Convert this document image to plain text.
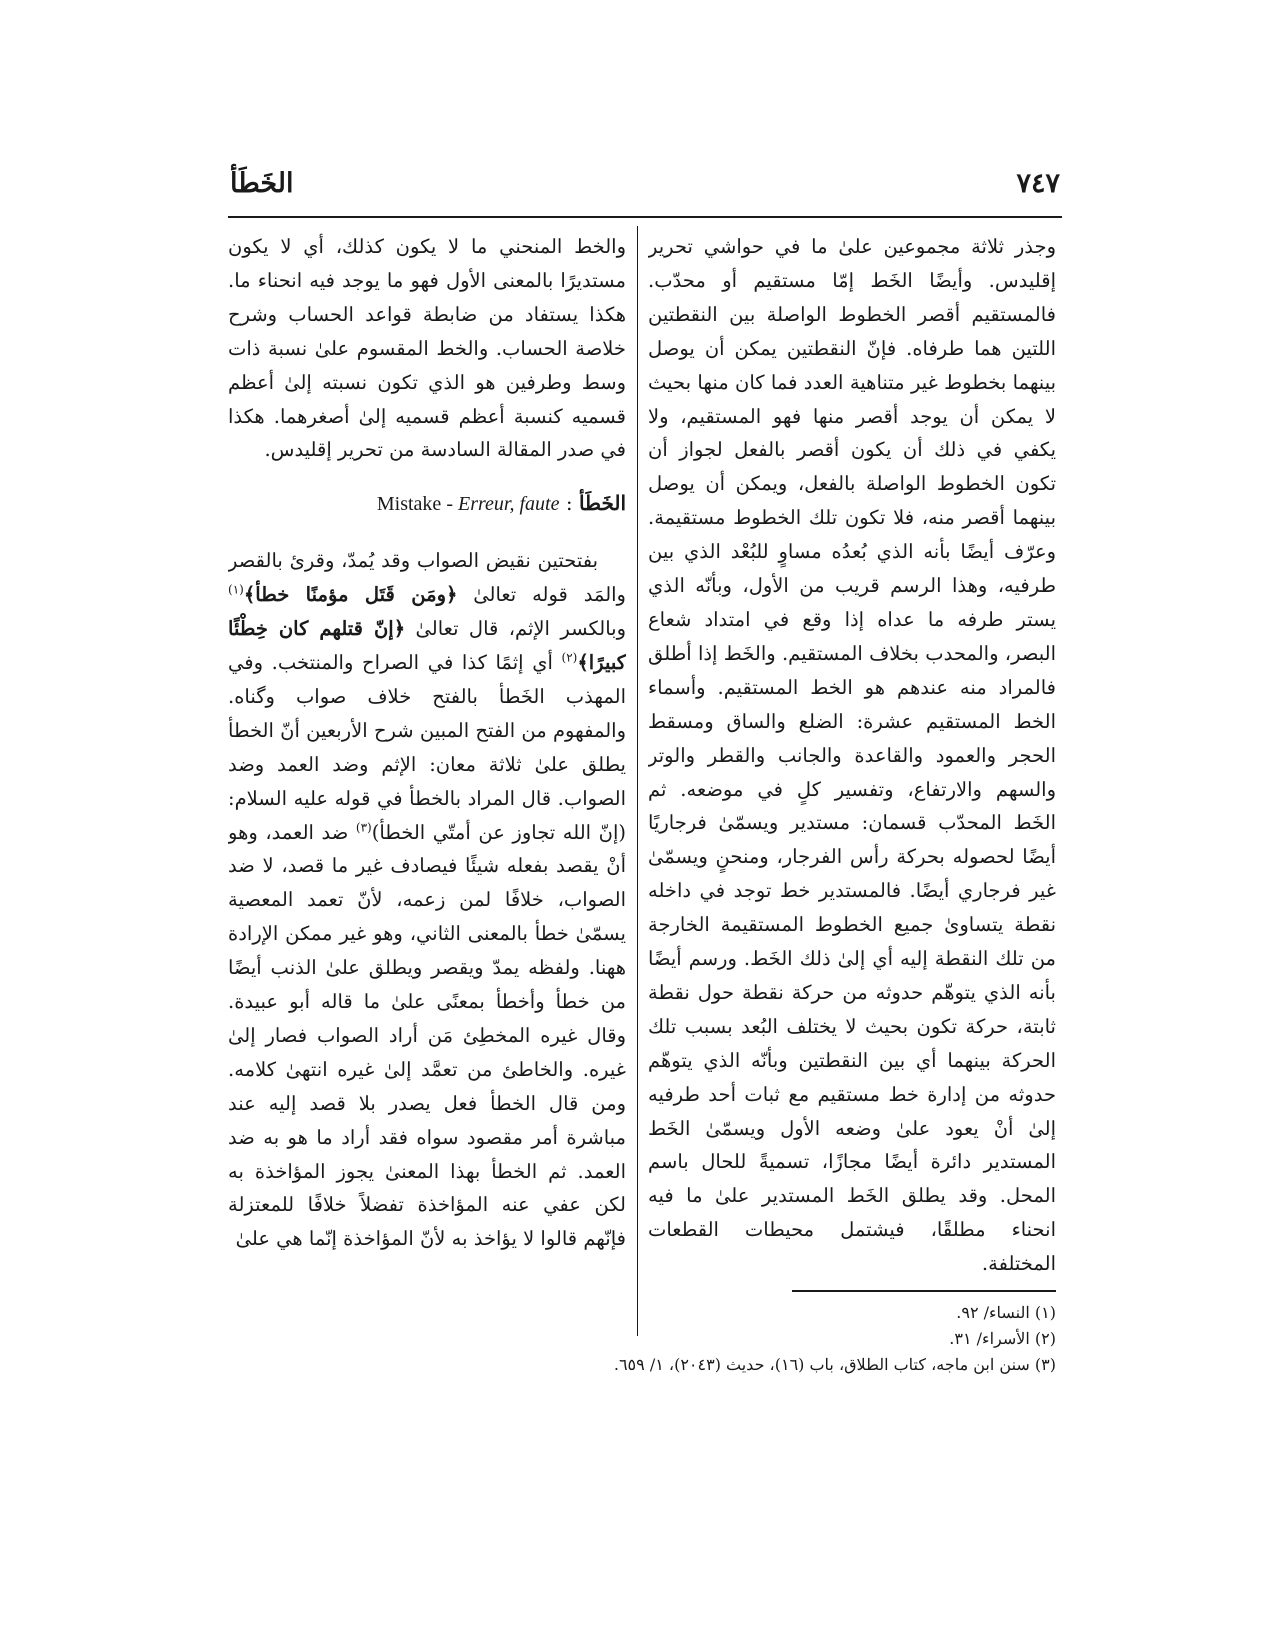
٧٤٧
الخَطَأ

وجذر ثلاثة مجموعين علىٰ ما في حواشي تحرير إقليدس. وأيضًا الخَط إمّا مستقيم أو محدّب. فالمستقيم أقصر الخطوط الواصلة بين النقطتين اللتين هما طرفاه. فإنّ النقطتين يمكن أن يوصل بينهما بخطوط غير متناهية العدد فما كان منها بحيث لا يمكن أن يوجد أقصر منها فهو المستقيم، ولا يكفي في ذلك أن يكون أقصر بالفعل لجواز أن تكون الخطوط الواصلة بالفعل، ويمكن أن يوصل بينهما أقصر منه، فلا تكون تلك الخطوط مستقيمة. وعرّف أيضًا بأنه الذي بُعدُه مساوٍ للبُعْد الذي بين طرفيه، وهذا الرسم قريب من الأول، وبأنّه الذي يستر طرفه ما عداه إذا وقع في امتداد شعاع البصر، والمحدب بخلاف المستقيم. والخَط إذا أطلق فالمراد منه عندهم هو الخط المستقيم. وأسماء الخط المستقيم عشرة: الضلع والساق ومسقط الحجر والعمود والقاعدة والجانب والقطر والوتر والسهم والارتفاع، وتفسير كلٍ في موضعه. ثم الخَط المحدّب قسمان: مستدير ويسمّىٰ فرجاريًا أيضًا لحصوله بحركة رأس الفرجار، ومنحنٍ ويسمّىٰ غير فرجاري أيضًا. فالمستدير خط توجد في داخله نقطة يتساوىٰ جميع الخطوط المستقيمة الخارجة من تلك النقطة إليه أي إلىٰ ذلك الخَط. ورسم أيضًا بأنه الذي يتوهّم حدوثه من حركة نقطة حول نقطة ثابتة، حركة تكون بحيث لا يختلف البُعد بسبب تلك الحركة بينهما أي بين النقطتين وبأنّه الذي يتوهّم حدوثه من إدارة خط مستقيم مع ثبات أحد طرفيه إلىٰ أنْ يعود علىٰ وضعه الأول ويسمّىٰ الخَط المستدير دائرة أيضًا مجازًا، تسميةً للحال باسم المحل. وقد يطلق الخَط المستدير علىٰ ما فيه انحناء مطلقًا، فيشتمل محيطات القطعات المختلفة.

والخط المنحني ما لا يكون كذلك، أي لا يكون مستديرًا بالمعنى الأول فهو ما يوجد فيه انحناء ما. هكذا يستفاد من ضابطة قواعد الحساب وشرح خلاصة الحساب. والخط المقسوم علىٰ نسبة ذات وسط وطرفين هو الذي تكون نسبته إلىٰ أعظم قسميه كنسبة أعظم قسميه إلىٰ أصغرهما. هكذا في صدر المقالة السادسة من تحرير إقليدس.

الخَطَأ : Mistake - Erreur, faute

بفتحتين نقيض الصواب وقد يُمدّ، وقرئ بالقصر والمَد قوله تعالىٰ ﴿ومَن قَتَل مؤمنًا خطأ﴾$^{(١)}$ وبالكسر الإثم، قال تعالىٰ ﴿إنّ قتلهم كان خِطْئًا كبيرًا﴾$^{(٢)}$ أي إثمًا كذا في الصراح والمنتخب. وفي المهذب الخَطأ بالفتح خلاف صواب وگناه. والمفهوم من الفتح المبين شرح الأربعين أنّ الخطأ يطلق علىٰ ثلاثة معان: الإثم وضد العمد وضد الصواب. قال المراد بالخطأ في قوله عليه السلام: (إنّ الله تجاوز عن أمتّي الخطأ)$^{(٣)}$ ضد العمد، وهو أنْ يقصد بفعله شيئًا فيصادف غير ما قصد، لا ضد الصواب، خلافًا لمن زعمه، لأنّ تعمد المعصية يسمّىٰ خطأ بالمعنى الثاني، وهو غير ممكن الإرادة ههنا. ولفظه يمدّ ويقصر ويطلق علىٰ الذنب أيضًا من خطأ وأخطأ بمعنًى علىٰ ما قاله أبو عبيدة. وقال غيره المخطِئ مَن أراد الصواب فصار إلىٰ غيره. والخاطئ من تعمَّد إلىٰ غيره انتهىٰ كلامه. ومن قال الخطأ فعل يصدر بلا قصد إليه عند مباشرة أمر مقصود سواه فقد أراد ما هو به ضد العمد. ثم الخطأ بهذا المعنىٰ يجوز المؤاخذة به لكن عفي عنه المؤاخذة تفضلاً خلافًا للمعتزلة فإنّهم قالوا لا يؤاخذ به لأنّ المؤاخذة إنّما هي علىٰ

(١) النساء/ ٩٢.
(٢) الأسراء/ ٣١.
(٣) سنن ابن ماجه، كتاب الطلاق، باب (١٦)، حديث (٢٠٤٣)، ١/ ٦٥٩.
